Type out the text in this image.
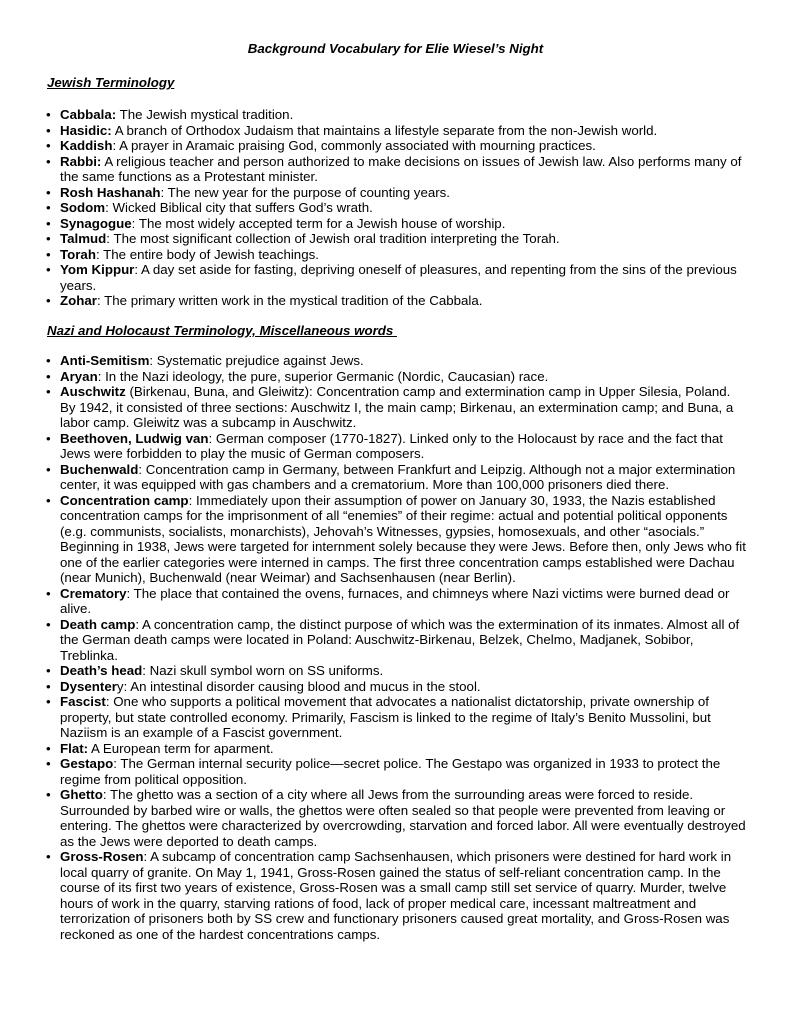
Background Vocabulary for Elie Wiesel’s Night
Jewish Terminology
• Cabbala: The Jewish mystical tradition.
• Hasidic: A branch of Orthodox Judaism that maintains a lifestyle separate from the non-Jewish world.
• Kaddish: A prayer in Aramaic praising God, commonly associated with mourning practices.
• Rabbi: A religious teacher and person authorized to make decisions on issues of Jewish law. Also performs many of the same functions as a Protestant minister.
• Rosh Hashanah: The new year for the purpose of counting years.
• Sodom: Wicked Biblical city that suffers God’s wrath.
• Synagogue: The most widely accepted term for a Jewish house of worship.
• Talmud: The most significant collection of Jewish oral tradition interpreting the Torah.
• Torah: The entire body of Jewish teachings.
• Yom Kippur: A day set aside for fasting, depriving oneself of pleasures, and repenting from the sins of the previous years.
• Zohar: The primary written work in the mystical tradition of the Cabbala.
Nazi and Holocaust Terminology, Miscellaneous words
• Anti-Semitism: Systematic prejudice against Jews.
• Aryan: In the Nazi ideology, the pure, superior Germanic (Nordic, Caucasian) race.
• Auschwitz (Birkenau, Buna, and Gleiwitz): Concentration camp and extermination camp in Upper Silesia, Poland. By 1942, it consisted of three sections: Auschwitz I, the main camp; Birkenau, an extermination camp; and Buna, a labor camp. Gleiwitz was a subcamp in Auschwitz.
• Beethoven, Ludwig van: German composer (1770-1827). Linked only to the Holocaust by race and the fact that Jews were forbidden to play the music of German composers.
• Buchenwald: Concentration camp in Germany, between Frankfurt and Leipzig. Although not a major extermination center, it was equipped with gas chambers and a crematorium. More than 100,000 prisoners died there.
• Concentration camp: Immediately upon their assumption of power on January 30, 1933, the Nazis established concentration camps for the imprisonment of all “enemies” of their regime: actual and potential political opponents (e.g. communists, socialists, monarchists), Jehovah’s Witnesses, gypsies, homosexuals, and other “asocials.” Beginning in 1938, Jews were targeted for internment solely because they were Jews. Before then, only Jews who fit one of the earlier categories were interned in camps. The first three concentration camps established were Dachau (near Munich), Buchenwald (near Weimar) and Sachsenhausen (near Berlin).
• Crematory: The place that contained the ovens, furnaces, and chimneys where Nazi victims were burned dead or alive.
• Death camp: A concentration camp, the distinct purpose of which was the extermination of its inmates. Almost all of the German death camps were located in Poland: Auschwitz-Birkenau, Belzek, Chelmo, Madjanek, Sobibor, Treblinka.
• Death’s head: Nazi skull symbol worn on SS uniforms.
• Dysentery: An intestinal disorder causing blood and mucus in the stool.
• Fascist: One who supports a political movement that advocates a nationalist dictatorship, private ownership of property, but state controlled economy. Primarily, Fascism is linked to the regime of Italy’s Benito Mussolini, but Naziism is an example of a Fascist government.
• Flat: A European term for aparment.
• Gestapo: The German internal security police—secret police. The Gestapo was organized in 1933 to protect the regime from political opposition.
• Ghetto: The ghetto was a section of a city where all Jews from the surrounding areas were forced to reside. Surrounded by barbed wire or walls, the ghettos were often sealed so that people were prevented from leaving or entering. The ghettos were characterized by overcrowding, starvation and forced labor. All were eventually destroyed as the Jews were deported to death camps.
• Gross-Rosen: A subcamp of concentration camp Sachsenhausen, which prisoners were destined for hard work in local quarry of granite. On May 1, 1941, Gross-Rosen gained the status of self-reliant concentration camp. In the course of its first two years of existence, Gross-Rosen was a small camp still set service of quarry. Murder, twelve hours of work in the quarry, starving rations of food, lack of proper medical care, incessant maltreatment and terrorization of prisoners both by SS crew and functionary prisoners caused great mortality, and Gross-Rosen was reckoned as one of the hardest concentrations camps.
